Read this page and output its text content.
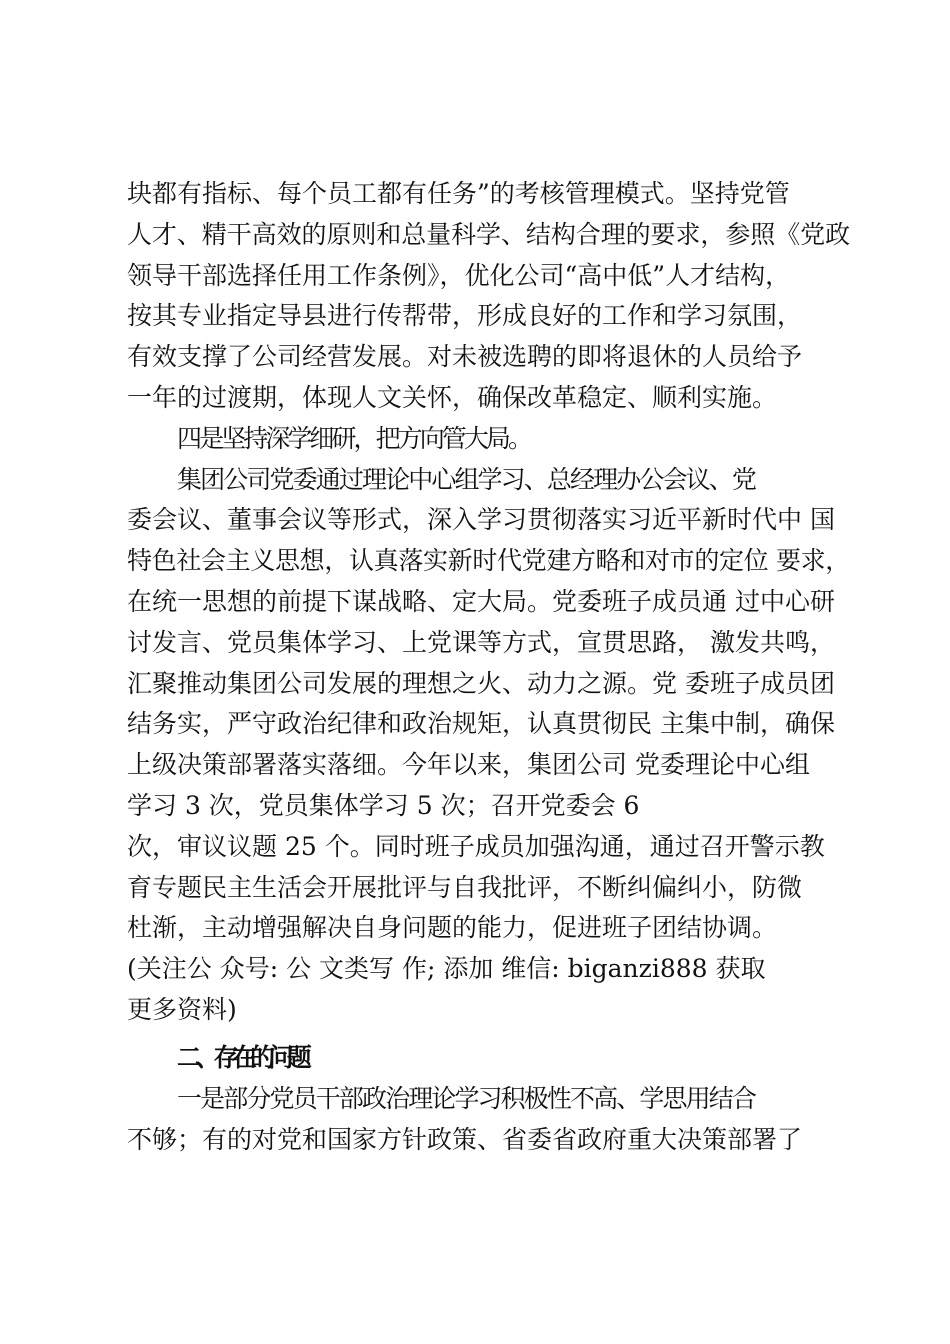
块都有指标、每个员工都有任务”的考核管理模式。坚持党管
人才、精干高效的原则和总量科学、结构合理的要求，参照《党政
领导干部选择任用工作条例》，优化公司“高中低”人才结构，
按其专业指定导县进行传帮带，形成良好的工作和学习氛围，
有效支撑了公司经营发展。对未被选聘的即将退休的人员给予
一年的过渡期，体现人文关怀，确保改革稳定、顺利实施。
四是坚持深学细研，把方向管大局。
集团公司党委通过理论中心组学习、总经理办公会议、党
委会议、董事会议等形式，深入学习贯彻落实习近平新时代中 国
特色社会主义思想，认真落实新时代党建方略和对市的定位 要求，
在统一思想的前提下谋战略、定大局。党委班子成员通 过中心研
讨发言、党员集体学习、上党课等方式，宣贯思路， 激发共鸣，
汇聚推动集团公司发展的理想之火、动力之源。党 委班子成员团
结务实，严守政治纪律和政治规矩，认真贯彻民 主集中制，确保
上级决策部署落实落细。今年以来，集团公司 党委理论中心组
学习 3 次，党员集体学习 5 次；召开党委会 6
次，审议议题 25 个。同时班子成员加强沟通，通过召开警示教
育专题民主生活会开展批评与自我批评，不断纠偏纠小，防微
杜渐，主动增强解决自身问题的能力，促进班子团结协调。
(关注公 众号: 公 文类写 作; 添加 维信: biganzi888 获取
更多资料)
二、存在的问题
一是部分党员干部政治理论学习积极性不高、学思用结合
不够；有的对党和国家方针政策、省委省政府重大决策部署了
